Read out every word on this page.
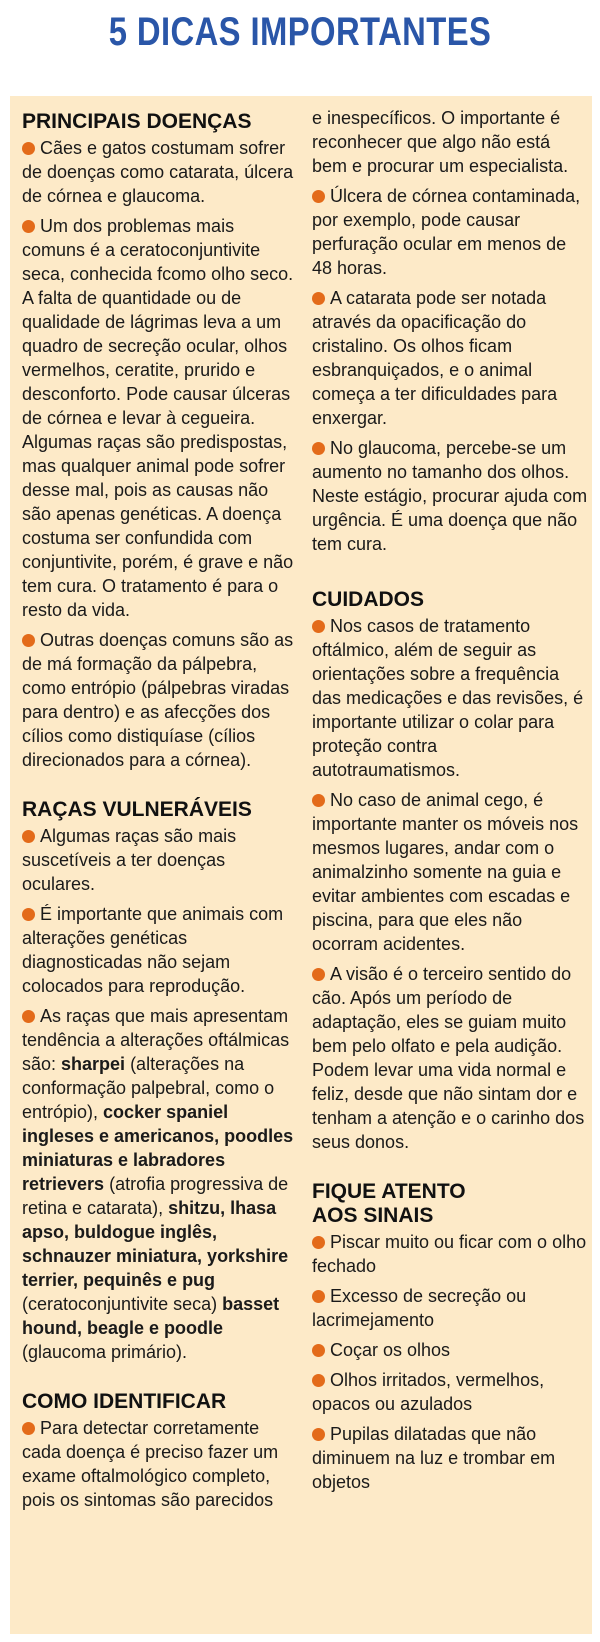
5 DICAS IMPORTANTES
PRINCIPAIS DOENÇAS

Cães e gatos costumam sofrer de doenças como catarata, úlcera de córnea e glaucoma.

Um dos problemas mais comuns é a ceratoconjuntivite seca, conhecida fcomo olho seco. A falta de quantidade ou de qualidade de lágrimas leva a um quadro de secreção ocular, olhos vermelhos, ceratite, prurido e desconforto. Pode causar úlceras de córnea e levar à cegueira. Algumas raças são predispostas, mas qualquer animal pode sofrer desse mal, pois as causas não são apenas genéticas. A doença costuma ser confundida com conjuntivite, porém, é grave e não tem cura. O tratamento é para o resto da vida.

Outras doenças comuns são as de má formação da pálpebra, como entrópio (pálpebras viradas para dentro) e as afecções dos cílios como distiquíase (cílios direcionados para a córnea).

RAÇAS VULNERÁVEIS

Algumas raças são mais suscetíveis a ter doenças oculares.

É importante que animais com alterações genéticas diagnosticadas não sejam colocados para reprodução.

As raças que mais apresentam tendência a alterações oftálmicas são: sharpei (alterações na conformação palpebral, como o entrópio), cocker spaniel ingleses e americanos, poodles miniaturas e labradores retrievers (atrofia progressiva de retina e catarata), shitzu, lhasa apso, buldogue inglês, schnauzer miniatura, yorkshire terrier, pequinês e pug (ceratoconjuntivite seca) basset hound, beagle e poodle (glaucoma primário).

COMO IDENTIFICAR

Para detectar corretamente cada doença é preciso fazer um exame oftalmológico completo, pois os sintomas são parecidos

e inespecíficos. O importante é reconhecer que algo não está bem e procurar um especialista.

Úlcera de córnea contaminada, por exemplo, pode causar perfuração ocular em menos de 48 horas.

A catarata pode ser notada através da opacificação do cristalino. Os olhos ficam esbranquiçados, e o animal começa a ter dificuldades para enxergar.

No glaucoma, percebe-se um aumento no tamanho dos olhos. Neste estágio, procurar ajuda com urgência. É uma doença que não tem cura.

CUIDADOS

Nos casos de tratamento oftálmico, além de seguir as orientações sobre a frequência das medicações e das revisões, é importante utilizar o colar para proteção contra autotraumatismos.

No caso de animal cego, é importante manter os móveis nos mesmos lugares, andar com o animalzinho somente na guia e evitar ambientes com escadas e piscina, para que eles não ocorram acidentes.

A visão é o terceiro sentido do cão. Após um período de adaptação, eles se guiam muito bem pelo olfato e pela audição. Podem levar uma vida normal e feliz, desde que não sintam dor e tenham a atenção e o carinho dos seus donos.

FIQUE ATENTO AOS SINAIS

Piscar muito ou ficar com o olho fechado

Excesso de secreção ou lacrimejamento

Coçar os olhos

Olhos irritados, vermelhos, opacos ou azulados

Pupilas dilatadas que não diminuem na luz e trombar em objetos
